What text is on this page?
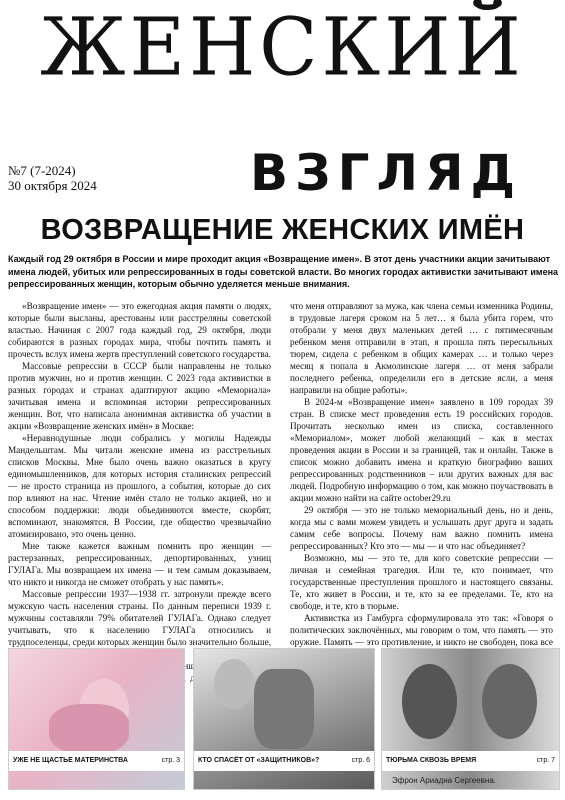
ЖЕНСКИЙ
ВЗГЛЯД
№7 (7-2024)
30 октября 2024
ВОЗВРАЩЕНИЕ ЖЕНСКИХ ИМЁН
Каждый год 29 октября в России и мире проходит акция «Возвращение имен». В этот день участники акции зачитывают имена людей, убитых или репрессированных в годы советской власти. Во многих городах активистки зачитывают имена репрессированных женщин, которым обычно уделяется меньше внимания.

«Возвращение имен» — это ежегодная акция памяти о людях, которые были высланы, арестованы или расстреляны советской властью. Начиная с 2007 года каждый год, 29 октября, люди собираются в разных городах мира, чтобы почтить память и прочесть вслух имена жертв преступлений советского государства.

Массовые репрессии в СССР были направлены не только против мужчин, но и против женщин. С 2023 года активистки в разных городах и странах адаптируют акцию «Мемориала» зачитывая имена и вспоминая истории репрессированных женщин. Вот, что написала анонимная активистка об участии в акции «Возвращение женских имён» в Москве:

«Неравнодушные люди собрались у могилы Надежды Мандельштам. Мы читали женские имена из расстрельных списков Москвы. Мне было очень важно оказаться в кругу единомышленников, для которых история сталинских репрессий — не просто страница из прошлого, а события, которые до сих пор влияют на нас. Чтение имён стало не только акцией, но и способом поддержки: люди объединяются вместе, скорбят, вспоминают, знакомятся. В России, где общество чрезвычайно атомизировано, это очень ценно.

Мне также кажется важным помнить про женщин — растерзанных, репрессированных, депортированных, узниц ГУЛАГа. Мы возвращаем их имена — и тем самым доказываем, что никто и никогда не сможет отобрать у нас память».

Массовые репрессии 1937—1938 гг. затронули прежде всего мужскую часть населения страны. По данным переписи 1939 г. мужчины составляли 79% обитателей ГУЛАГа. Однако следует учитывать, что к населению ГУЛАГа относились и трудпоселенцы, среди которых женщин было значительно больше,

женщин,

что меня отправляют за мужа, как члена семьи изменника Родины, в трудовые лагеря сроком на 5 лет… я была убита горем, что отобрали у меня двух маленьких детей … с пятимесячным ребенком меня отправили в этап, я прошла пять пересыльных тюрем, сидела с ребенком в общих камерах … и только через месяц я попала в Акмолинские лагеря … от меня забрали последнего ребенка, определили его в детские ясли, а меня направили на общие работы».

В 2024-м «Возвращение имен» заявлено в 109 городах 39 стран. В списке мест проведения есть 19 российских городов. Прочитать несколько имен из списка, составленного «Мемориалом», может любой желающий – как в местах проведения акции в России и за границей, так и онлайн. Также в список можно добавить имена и краткую биографию ваших репрессированных родственников – или других важных для вас людей. Подробную информацию о том, как можно поучаствовать в акции можно найти на сайте october29.ru

29 октября — это не только мемориальный день, но и день, когда мы с вами можем увидеть и услышать друг друга и задать самим себе вопросы. Почему нам важно помнить имена репрессированных? Кто это — мы — и что нас объединяет?

Возможно, мы — это те, для кого советские репрессии — личная и семейная трагедия. Или те, кто понимает, что государственные преступления прошлого и настоящего связаны. Те, кто живет в России, и те, кто за ее пределами. Те, кто на свободе, и те, кто в тюрьме.

Активистка из Гамбурга сформулировала это так: «Говоря о политических заключённых, мы говорим о том, что память — это оружие. Память — это противление, и никто не свободен, пока все

УЖЕ НЕ ЩАСТЬЕ МАТЕРИНСТВА	стр. 3	КТО СПАСЁТ ОТ «ЗАЩИТНИКОВ»?	стр. 6 ТЮРЬМА СКВОЗЬ ВРЕМЯ	стр. 7
Эфрон Ариадна Сергеевна.
